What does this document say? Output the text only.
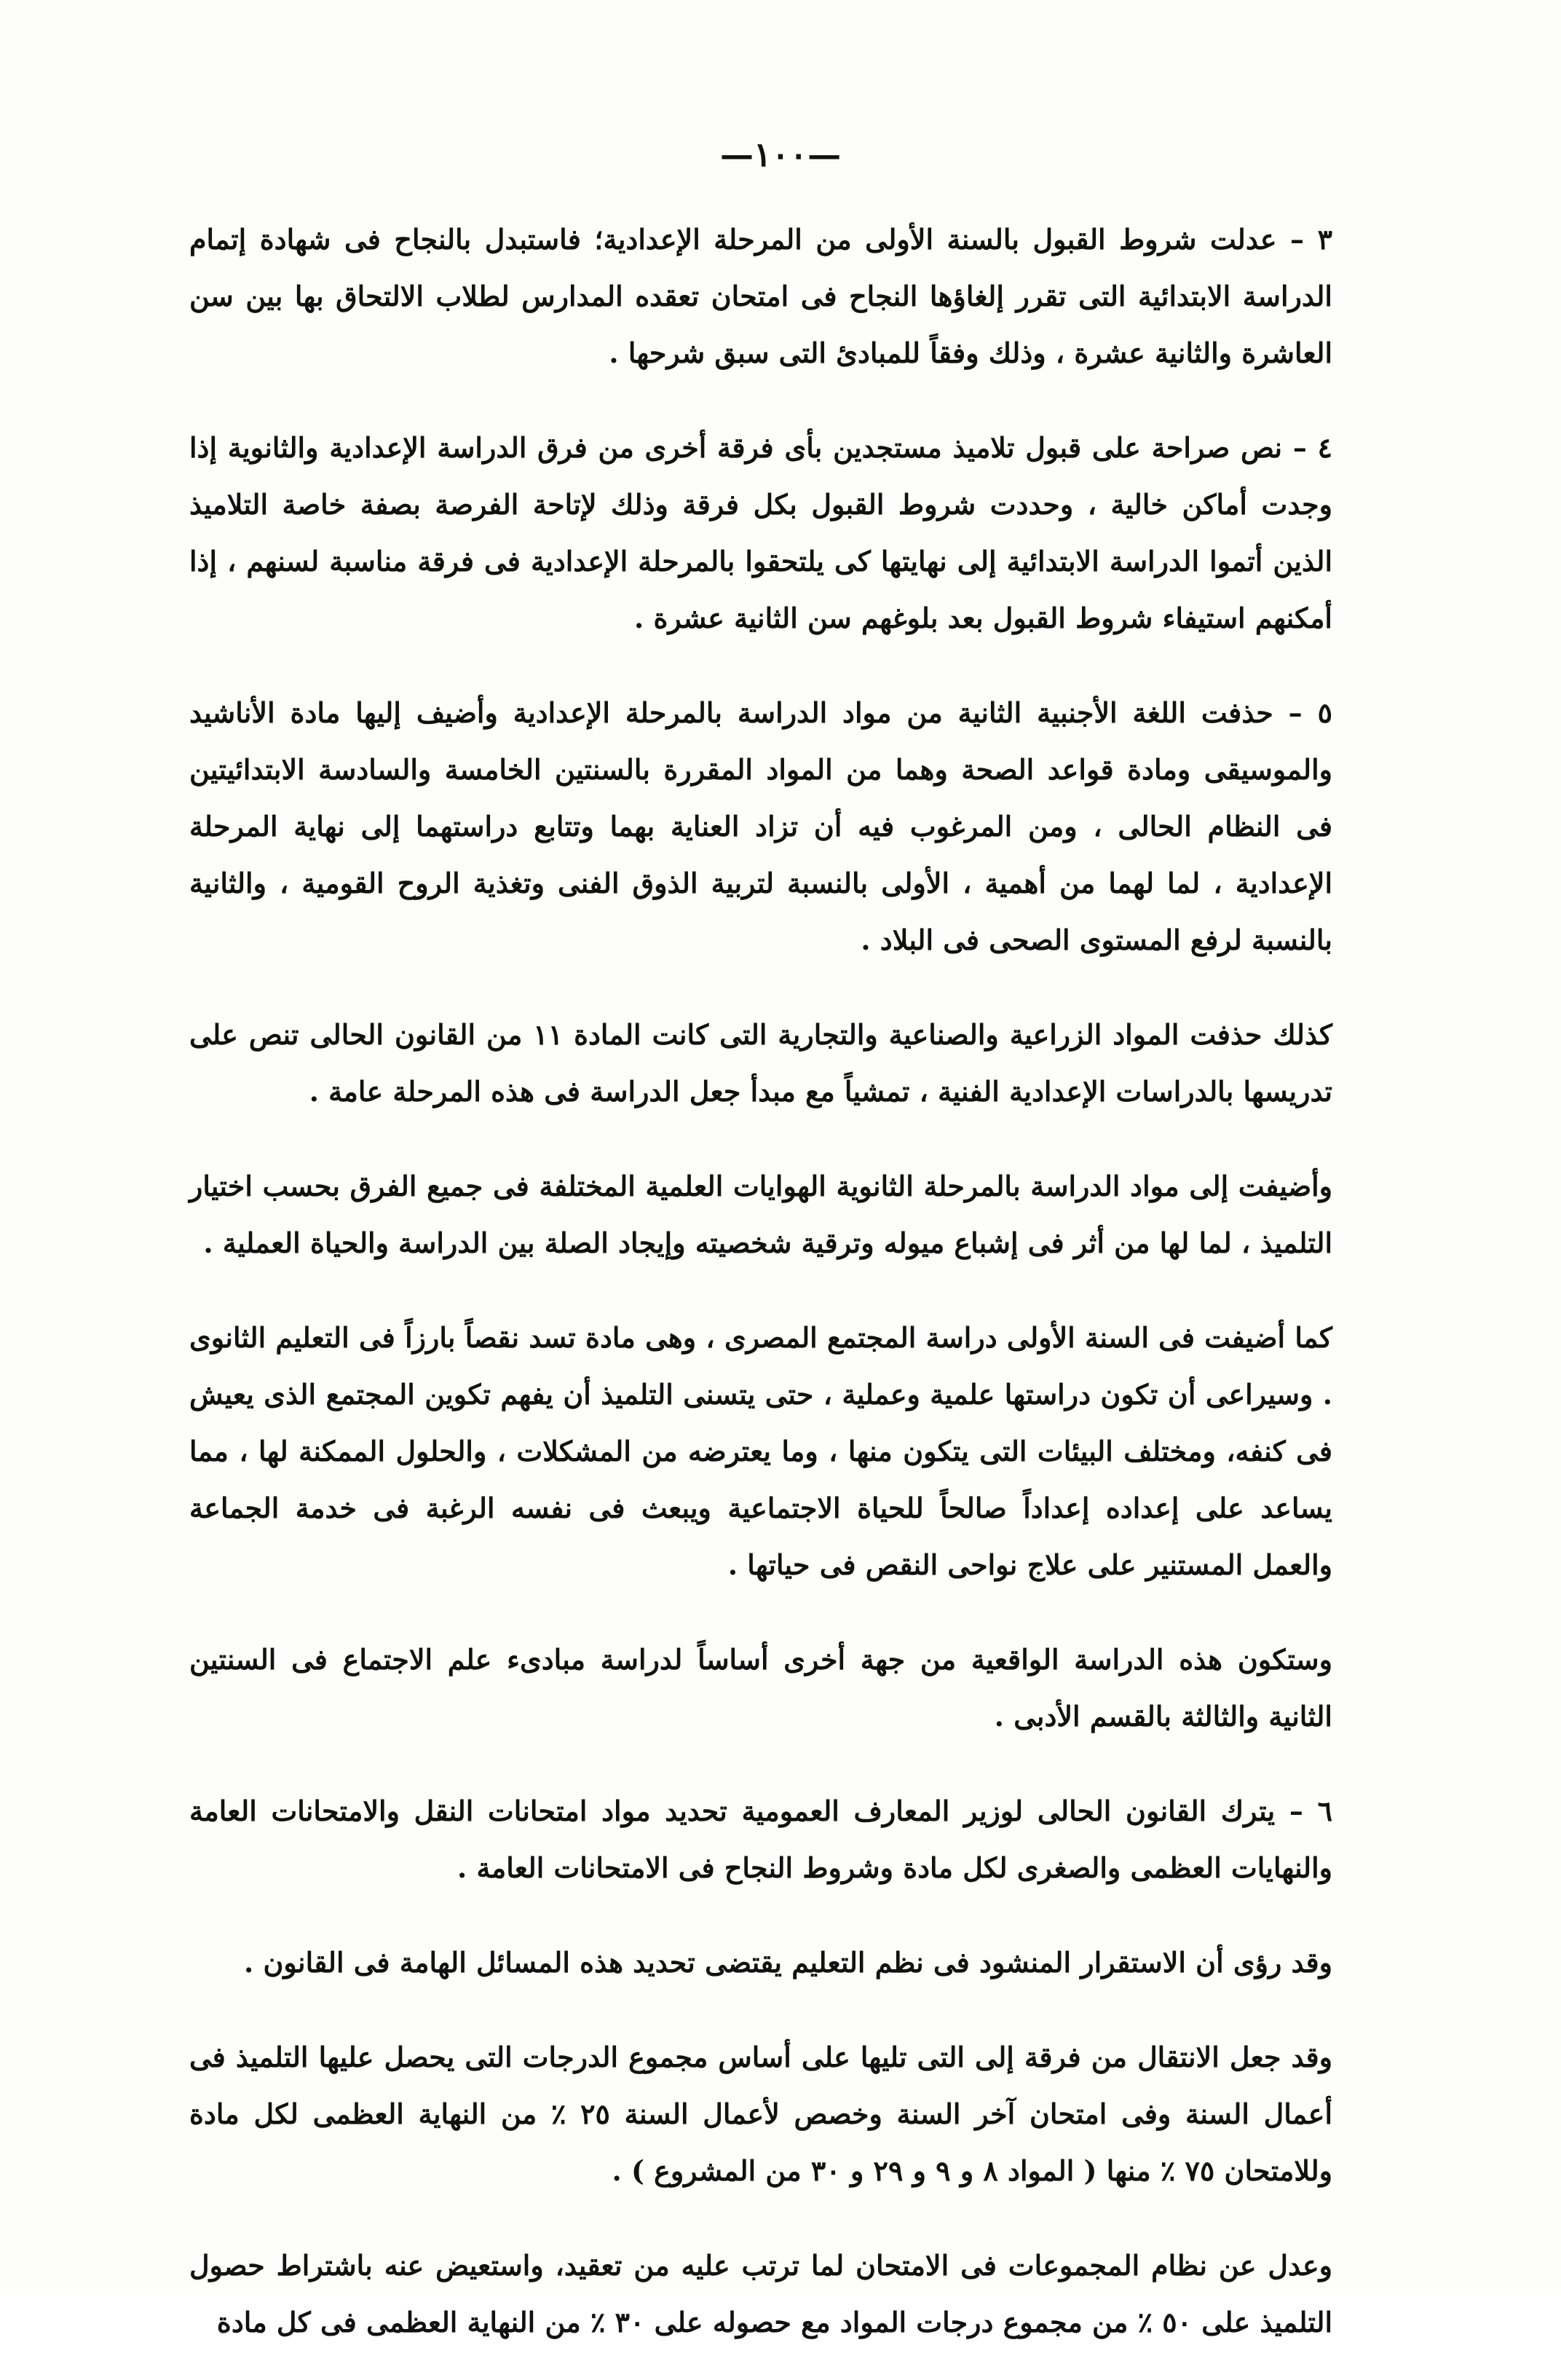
—١٠٠—

٣ – عدلت شروط القبول بالسنة الأولى من المرحلة الإعدادية؛ فاستبدل بالنجاح فى شهادة إتمام الدراسة الابتدائية التى تقرر إلغاؤها النجاح فى امتحان تعقده المدارس لطلاب الالتحاق بها بين سن العاشرة والثانية عشرة ، وذلك وفقاً للمبادئ التى سبق شرحها .

٤ – نص صراحة على قبول تلاميذ مستجدين بأى فرقة أخرى من فرق الدراسة الإعدادية والثانوية إذا وجدت أماكن خالية ، وحددت شروط القبول بكل فرقة وذلك لإتاحة الفرصة بصفة خاصة التلاميذ الذين أتموا الدراسة الابتدائية إلى نهايتها كى يلتحقوا بالمرحلة الإعدادية فى فرقة مناسبة لسنهم ، إذا أمكنهم استيفاء شروط القبول بعد بلوغهم سن الثانية عشرة .

٥ – حذفت اللغة الأجنبية الثانية من مواد الدراسة بالمرحلة الإعدادية وأضيف إليها مادة الأناشيد والموسيقى ومادة قواعد الصحة وهما من المواد المقررة بالسنتين الخامسة والسادسة الابتدائيتين فى النظام الحالى ، ومن المرغوب فيه أن تزاد العناية بهما وتتابع دراستهما إلى نهاية المرحلة الإعدادية ، لما لهما من أهمية ، الأولى بالنسبة لتربية الذوق الفنى وتغذية الروح القومية ، والثانية بالنسبة لرفع المستوى الصحى فى البلاد .

كذلك حذفت المواد الزراعية والصناعية والتجارية التى كانت المادة ١١ من القانون الحالى تنص على تدريسها بالدراسات الإعدادية الفنية ، تمشياً مع مبدأ جعل الدراسة فى هذه المرحلة عامة .

وأضيفت إلى مواد الدراسة بالمرحلة الثانوية الهوايات العلمية المختلفة فى جميع الفرق بحسب اختيار التلميذ ، لما لها من أثر فى إشباع ميوله وترقية شخصيته وإيجاد الصلة بين الدراسة والحياة العملية .

كما أضيفت فى السنة الأولى دراسة المجتمع المصرى ، وهى مادة تسد نقصاً بارزاً فى التعليم الثانوى . وسيراعى أن تكون دراستها علمية وعملية ، حتى يتسنى التلميذ أن يفهم تكوين المجتمع الذى يعيش فى كنفه، ومختلف البيئات التى يتكون منها ، وما يعترضه من المشكلات ، والحلول الممكنة لها ، مما يساعد على إعداده إعداداً صالحاً للحياة الاجتماعية ويبعث فى نفسه الرغبة فى خدمة الجماعة والعمل المستنير على علاج نواحى النقص فى حياتها .

وستكون هذه الدراسة الواقعية من جهة أخرى أساساً لدراسة مبادىء علم الاجتماع فى السنتين الثانية والثالثة بالقسم الأدبى .

٦ – يترك القانون الحالى لوزير المعارف العمومية تحديد مواد امتحانات النقل والامتحانات العامة والنهايات العظمى والصغرى لكل مادة وشروط النجاح فى الامتحانات العامة .

وقد رؤى أن الاستقرار المنشود فى نظم التعليم يقتضى تحديد هذه المسائل الهامة فى القانون .

وقد جعل الانتقال من فرقة إلى التى تليها على أساس مجموع الدرجات التى يحصل عليها التلميذ فى أعمال السنة وفى امتحان آخر السنة وخصص لأعمال السنة ٢٥ ٪ من النهاية العظمى لكل مادة وللامتحان ٧٥ ٪ منها ( المواد ٨ و ٩ و ٢٩ و ٣٠ من المشروع ) .

وعدل عن نظام المجموعات فى الامتحان لما ترتب عليه من تعقيد، واستعيض عنه باشتراط حصول التلميذ على ٥٠ ٪ من مجموع درجات المواد مع حصوله على ٣٠ ٪ من النهاية العظمى فى كل مادة
